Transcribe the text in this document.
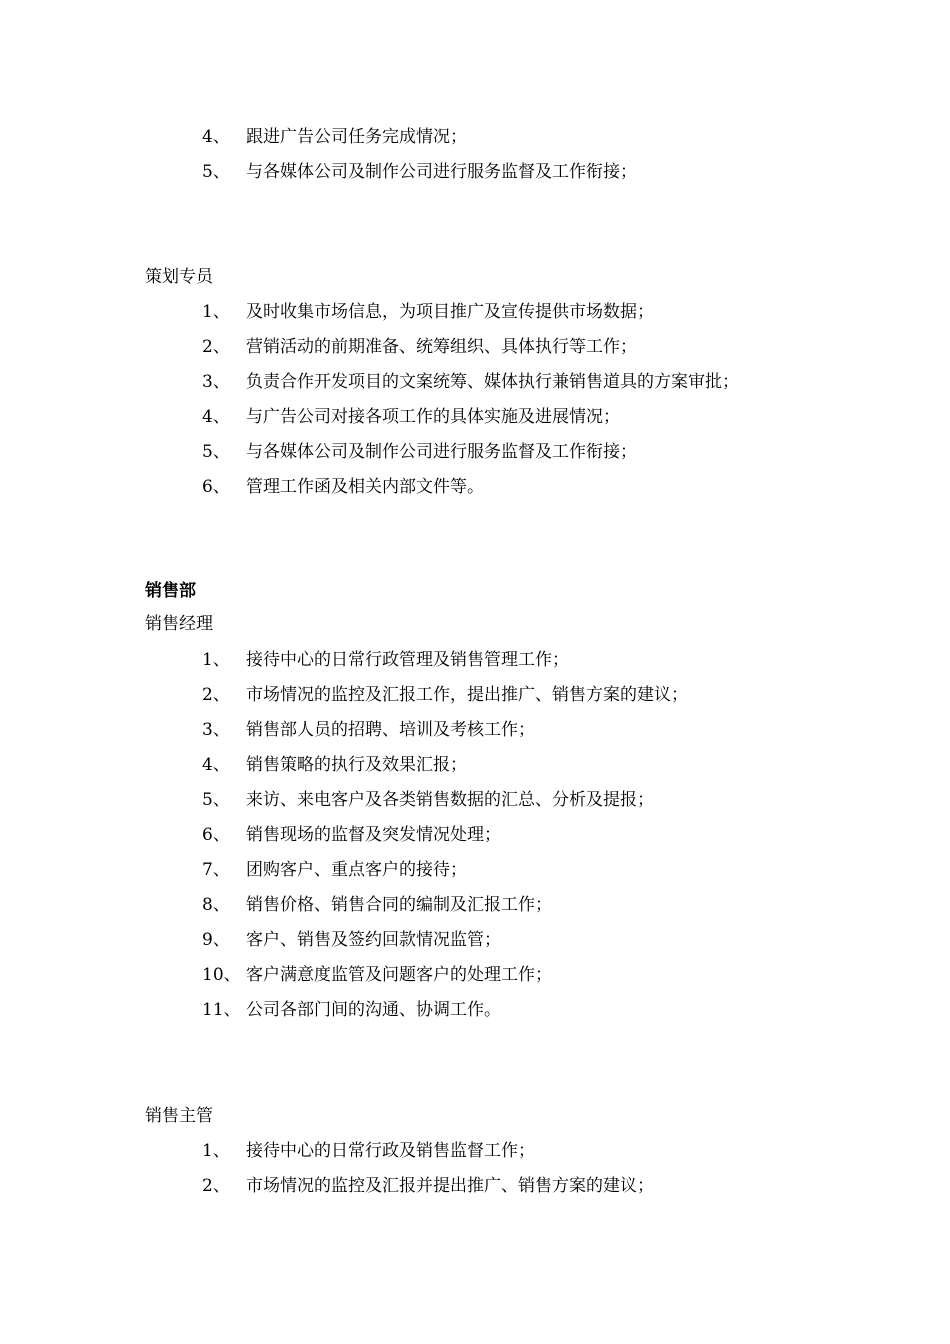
4、 跟进广告公司任务完成情况；
5、 与各媒体公司及制作公司进行服务监督及工作衔接；
策划专员
1、 及时收集市场信息，为项目推广及宣传提供市场数据；
2、 营销活动的前期准备、统筹组织、具体执行等工作；
3、 负责合作开发项目的文案统筹、媒体执行兼销售道具的方案审批；
4、 与广告公司对接各项工作的具体实施及进展情况；
5、 与各媒体公司及制作公司进行服务监督及工作衔接；
6、 管理工作函及相关内部文件等。
销售部
销售经理
1、 接待中心的日常行政管理及销售管理工作；
2、 市场情况的监控及汇报工作，提出推广、销售方案的建议；
3、 销售部人员的招聘、培训及考核工作；
4、 销售策略的执行及效果汇报；
5、 来访、来电客户及各类销售数据的汇总、分析及提报；
6、 销售现场的监督及突发情况处理；
7、 团购客户、重点客户的接待；
8、 销售价格、销售合同的编制及汇报工作；
9、 客户、销售及签约回款情况监管；
10、 客户满意度监管及问题客户的处理工作；
11、 公司各部门间的沟通、协调工作。
销售主管
1、 接待中心的日常行政及销售监督工作；
2、 市场情况的监控及汇报并提出推广、销售方案的建议；
